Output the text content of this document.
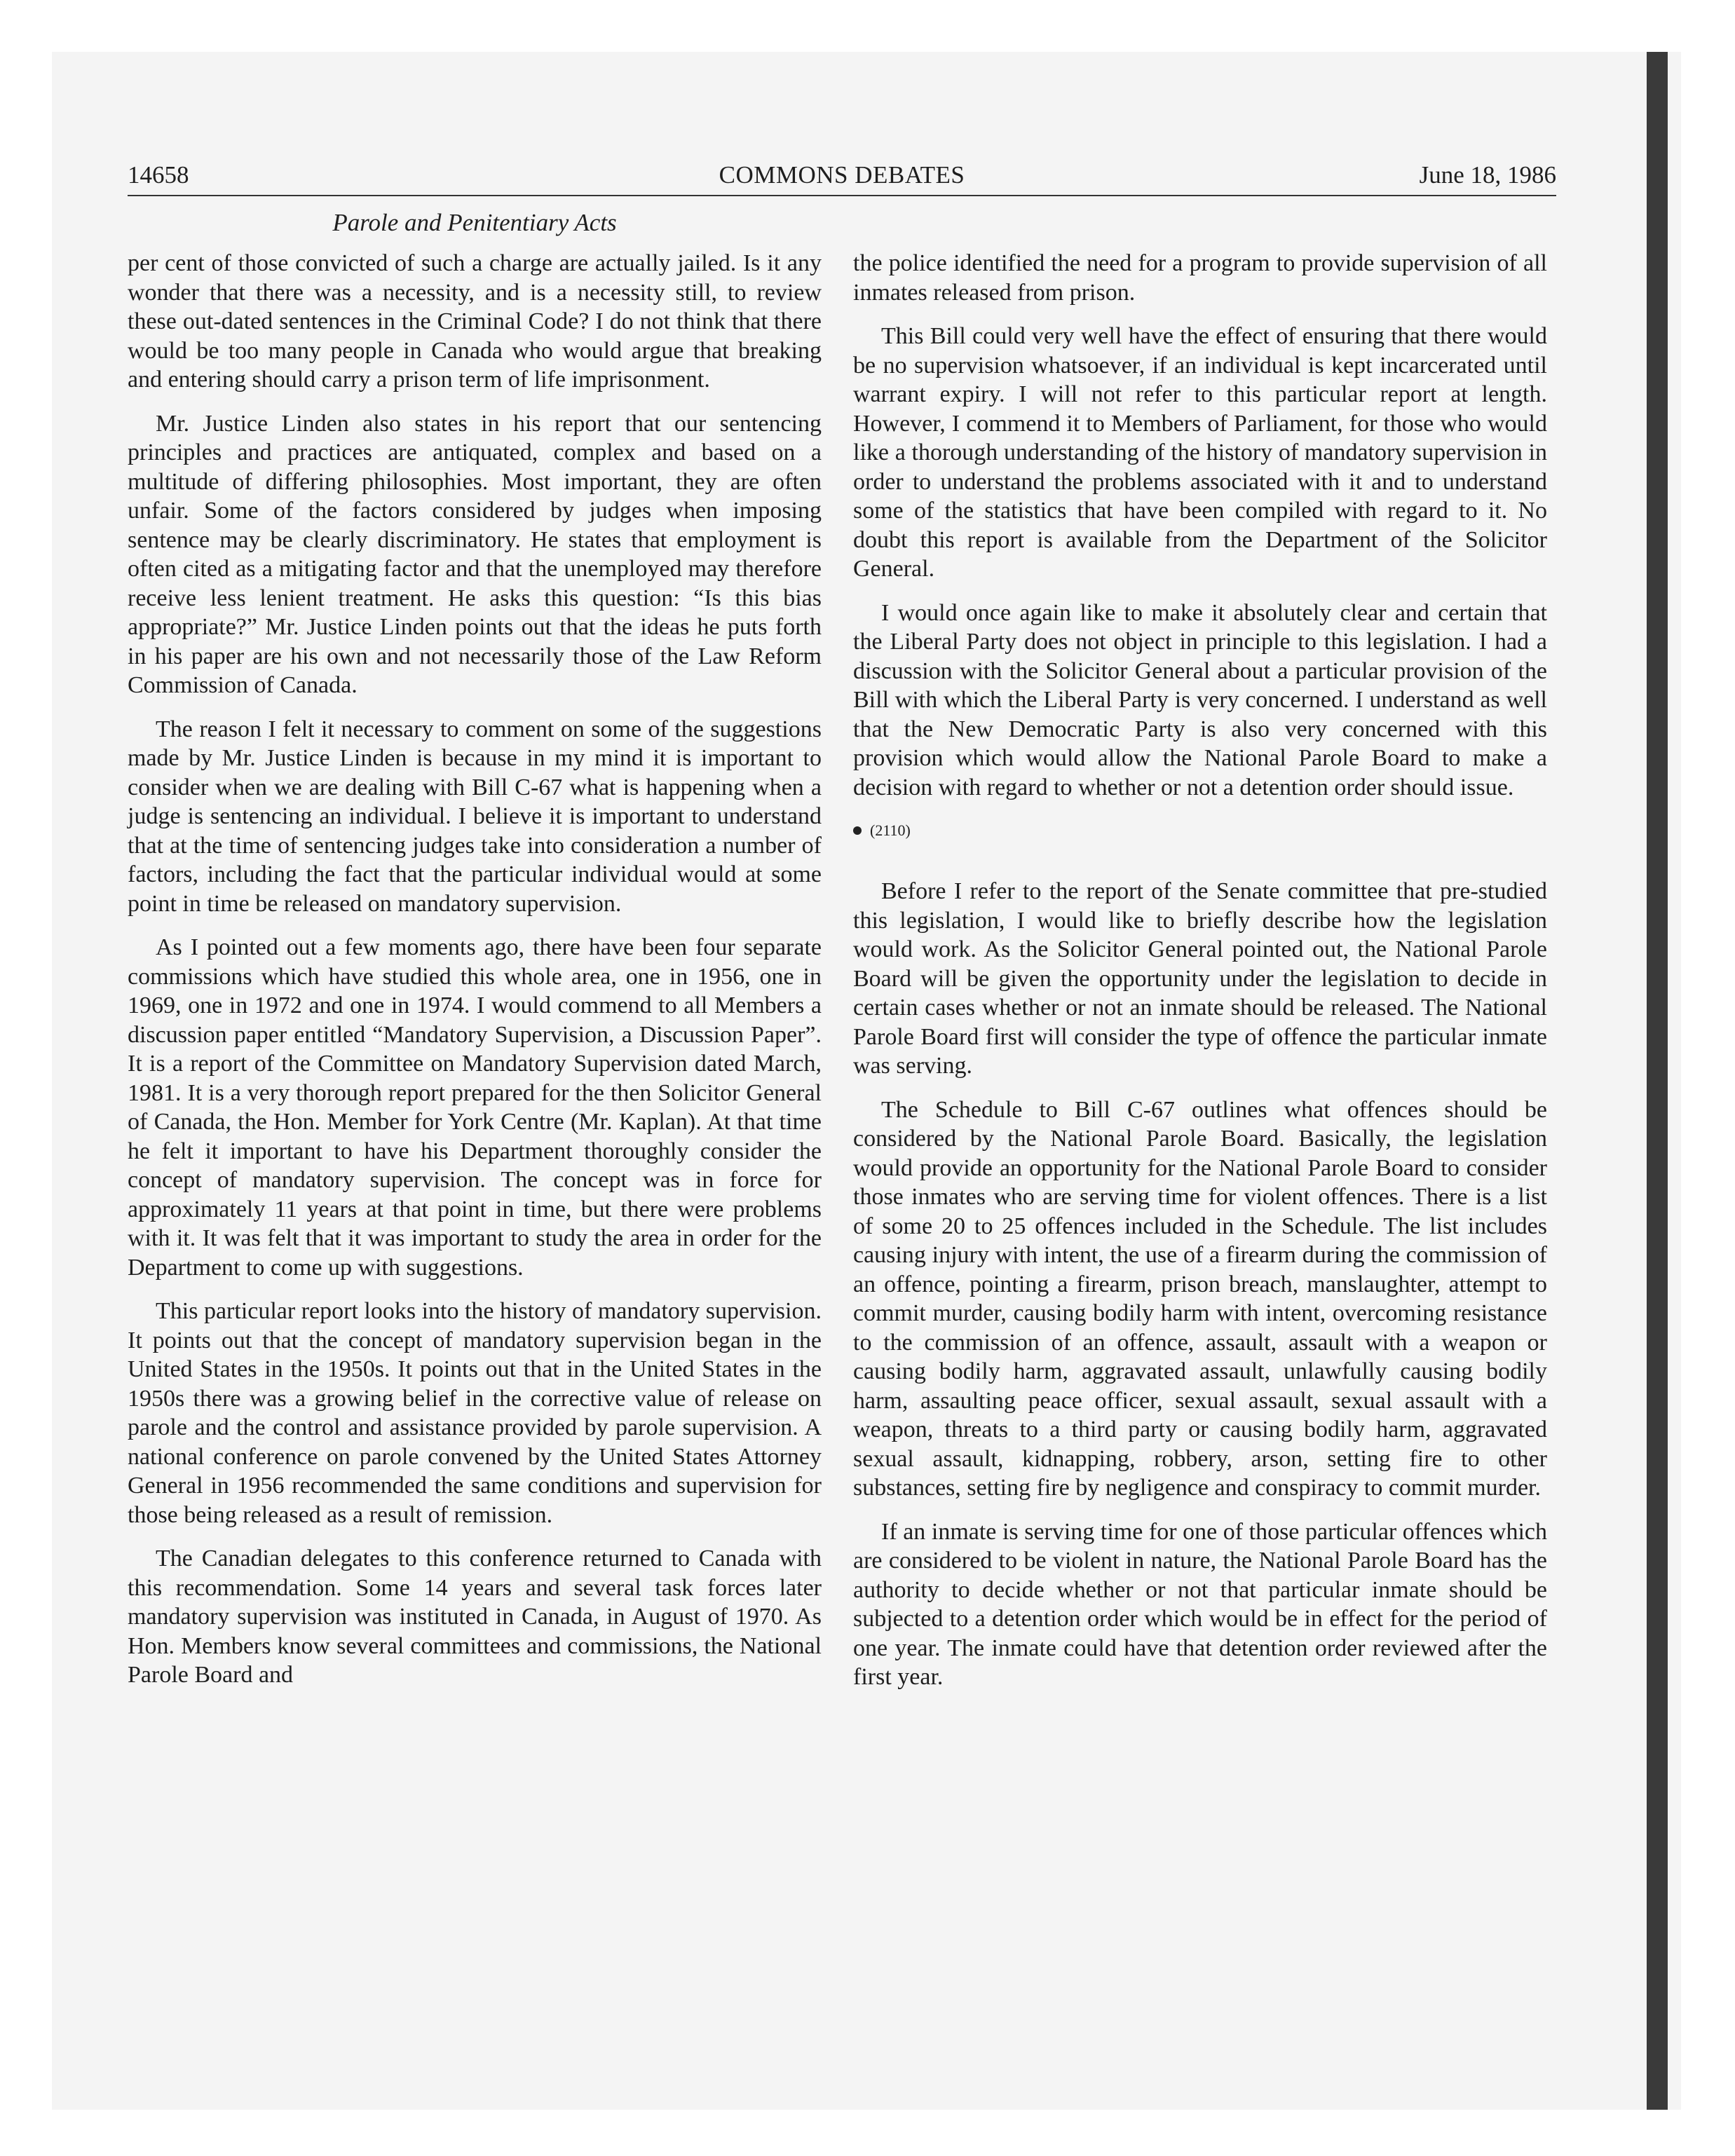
14658	COMMONS DEBATES	June 18, 1986
Parole and Penitentiary Acts

per cent of those convicted of such a charge are actually jailed. Is it any wonder that there was a necessity, and is a necessity still, to review these out-dated sentences in the Criminal Code? I do not think that there would be too many people in Canada who would argue that breaking and entering should carry a prison term of life imprisonment.

Mr. Justice Linden also states in his report that our sentencing principles and practices are antiquated, complex and based on a multitude of differing philosophies. Most important, they are often unfair. Some of the factors considered by judges when imposing sentence may be clearly discriminatory. He states that employment is often cited as a mitigating factor and that the unemployed may therefore receive less lenient treatment. He asks this question: “Is this bias appropriate?” Mr. Justice Linden points out that the ideas he puts forth in his paper are his own and not necessarily those of the Law Reform Commission of Canada.

The reason I felt it necessary to comment on some of the suggestions made by Mr. Justice Linden is because in my mind it is important to consider when we are dealing with Bill C-67 what is happening when a judge is sentencing an individual. I believe it is important to understand that at the time of sentencing judges take into consideration a number of factors, including the fact that the particular individual would at some point in time be released on mandatory supervision.

As I pointed out a few moments ago, there have been four separate commissions which have studied this whole area, one in 1956, one in 1969, one in 1972 and one in 1974. I would commend to all Members a discussion paper entitled “Mandatory Supervision, a Discussion Paper”. It is a report of the Committee on Mandatory Supervision dated March, 1981. It is a very thorough report prepared for the then Solicitor General of Canada, the Hon. Member for York Centre (Mr. Kaplan). At that time he felt it important to have his Department thoroughly consider the concept of mandatory supervision. The concept was in force for approximately 11 years at that point in time, but there were problems with it. It was felt that it was important to study the area in order for the Department to come up with suggestions.

This particular report looks into the history of mandatory supervision. It points out that the concept of mandatory supervision began in the United States in the 1950s. It points out that in the United States in the 1950s there was a growing belief in the corrective value of release on parole and the control and assistance provided by parole supervision. A national conference on parole convened by the United States Attorney General in 1956 recommended the same conditions and supervision for those being released as a result of remission.

The Canadian delegates to this conference returned to Canada with this recommendation. Some 14 years and several task forces later mandatory supervision was instituted in Canada, in August of 1970. As Hon. Members know several committees and commissions, the National Parole Board and

the police identified the need for a program to provide supervision of all inmates released from prison.

This Bill could very well have the effect of ensuring that there would be no supervision whatsoever, if an individual is kept incarcerated until warrant expiry. I will not refer to this particular report at length. However, I commend it to Members of Parliament, for those who would like a thorough understanding of the history of mandatory supervision in order to understand the problems associated with it and to understand some of the statistics that have been compiled with regard to it. No doubt this report is available from the Department of the Solicitor General.

I would once again like to make it absolutely clear and certain that the Liberal Party does not object in principle to this legislation. I had a discussion with the Solicitor General about a particular provision of the Bill with which the Liberal Party is very concerned. I understand as well that the New Democratic Party is also very concerned with this provision which would allow the National Parole Board to make a decision with regard to whether or not a detention order should issue.

(2110)

Before I refer to the report of the Senate committee that pre-studied this legislation, I would like to briefly describe how the legislation would work. As the Solicitor General pointed out, the National Parole Board will be given the opportunity under the legislation to decide in certain cases whether or not an inmate should be released. The National Parole Board first will consider the type of offence the particular inmate was serving.

The Schedule to Bill C-67 outlines what offences should be considered by the National Parole Board. Basically, the legislation would provide an opportunity for the National Parole Board to consider those inmates who are serving time for violent offences. There is a list of some 20 to 25 offences included in the Schedule. The list includes causing injury with intent, the use of a firearm during the commission of an offence, pointing a firearm, prison breach, manslaughter, attempt to commit murder, causing bodily harm with intent, overcoming resistance to the commission of an offence, assault, assault with a weapon or causing bodily harm, aggravated assault, unlawfully causing bodily harm, assaulting peace officer, sexual assault, sexual assault with a weapon, threats to a third party or causing bodily harm, aggravated sexual assault, kidnapping, robbery, arson, setting fire to other substances, setting fire by negligence and conspiracy to commit murder.

If an inmate is serving time for one of those particular offences which are considered to be violent in nature, the National Parole Board has the authority to decide whether or not that particular inmate should be subjected to a detention order which would be in effect for the period of one year. The inmate could have that detention order reviewed after the first year.
